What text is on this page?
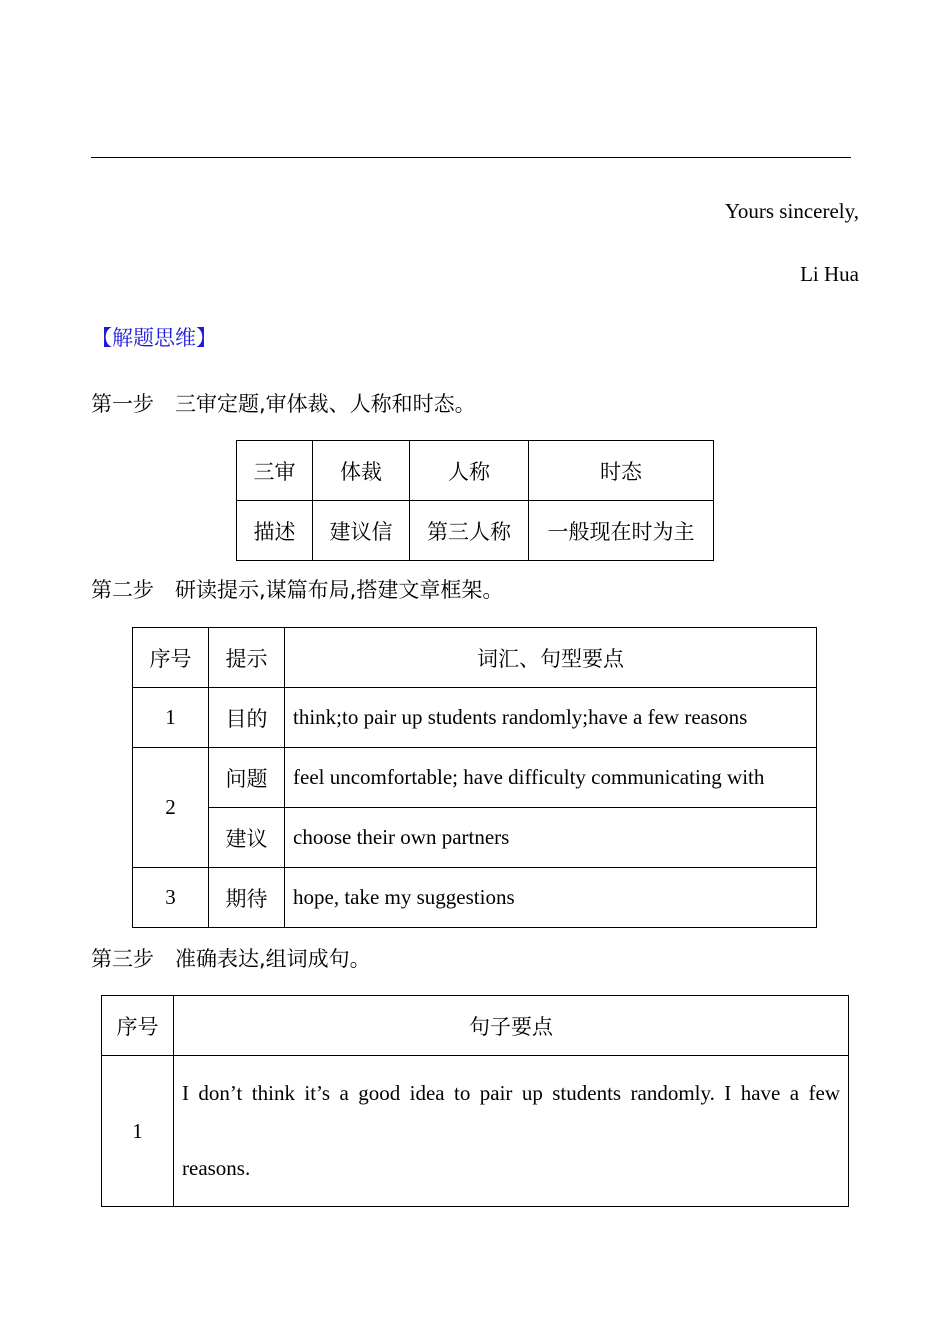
Yours sincerely,
Li Hua
【解题思维】
第一步　三审定题,审体裁、人称和时态。
三审	体裁	人称	时态
描述	建议信	第三人称	一般现在时为主
第二步　研读提示,谋篇布局,搭建文章框架。
序号	提示	词汇、句型要点
1	目的	think;to pair up students randomly;have a few reasons
2	问题	feel uncomfortable; have difficulty communicating with
	建议	choose their own partners
3	期待	hope, take my suggestions
第三步　准确表达,组词成句。
序号	句子要点
1	I don’t think it’s a good idea to pair up students randomly. I have a few reasons.
